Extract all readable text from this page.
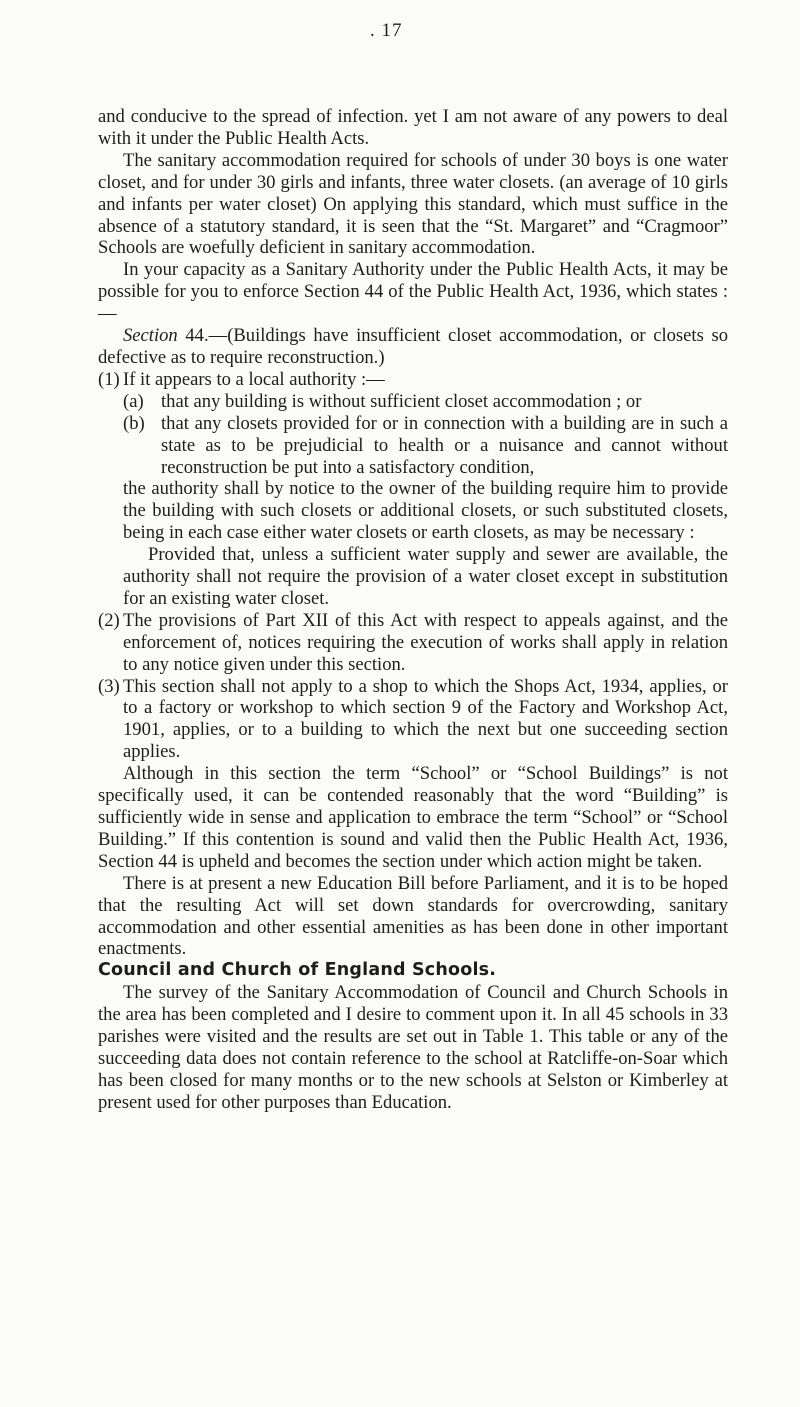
. 17

and conducive to the spread of infection. yet I am not aware of any powers to deal with it under the Public Health Acts.

The sanitary accommodation required for schools of under 30 boys is one water closet, and for under 30 girls and infants, three water closets. (an average of 10 girls and infants per water closet) On applying this standard, which must suffice in the absence of a statutory standard, it is seen that the “St. Margaret” and “Cragmoor” Schools are woefully deficient in sanitary accommodation.

In your capacity as a Sanitary Authority under the Public Health Acts, it may be possible for you to enforce Section 44 of the Public Health Act, 1936, which states :—

Section 44.—(Buildings have insufficient closet accommodation, or closets so defective as to require reconstruction.)

(1) If it appears to a local authority :—

(a) that any building is without sufficient closet accommodation ; or

(b) that any closets provided for or in connection with a building are in such a state as to be prejudicial to health or a nuisance and cannot without reconstruction be put into a satisfactory condition,

the authority shall by notice to the owner of the building require him to provide the building with such closets or additional closets, or such substituted closets, being in each case either water closets or earth closets, as may be necessary :

Provided that, unless a sufficient water supply and sewer are available, the authority shall not require the provision of a water closet except in substitution for an existing water closet.

(2) The provisions of Part XII of this Act with respect to appeals against, and the enforcement of, notices requiring the execution of works shall apply in relation to any notice given under this section.

(3) This section shall not apply to a shop to which the Shops Act, 1934, applies, or to a factory or workshop to which section 9 of the Factory and Workshop Act, 1901, applies, or to a building to which the next but one succeeding section applies.

Although in this section the term “School” or “School Buildings” is not specifically used, it can be contended reasonably that the word “Building” is sufficiently wide in sense and application to embrace the term “School” or “School Building.” If this contention is sound and valid then the Public Health Act, 1936, Section 44 is upheld and becomes the section under which action might be taken.

There is at present a new Education Bill before Parliament, and it is to be hoped that the resulting Act will set down standards for overcrowding, sanitary accommodation and other essential amenities as has been done in other important enactments.

Council and Church of England Schools.

The survey of the Sanitary Accommodation of Council and Church Schools in the area has been completed and I desire to comment upon it. In all 45 schools in 33 parishes were visited and the results are set out in Table 1. This table or any of the succeeding data does not contain reference to the school at Ratcliffe-on-Soar which has been closed for many months or to the new schools at Selston or Kimberley at present used for other purposes than Education.
